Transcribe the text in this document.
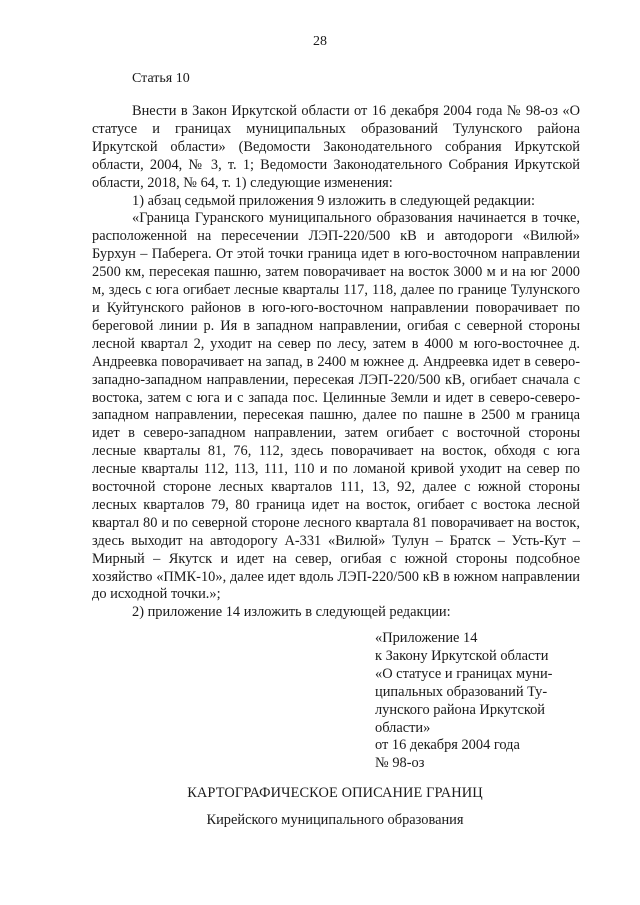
28
Статья 10

Внести в Закон Иркутской области от 16 декабря 2004 года № 98-оз «О статусе и границах муниципальных образований Тулунского района Иркутской области» (Ведомости Законодательного собрания Иркутской области, 2004, № 3, т. 1; Ведомости Законодательного Собрания Иркутской области, 2018, № 64, т. 1) следующие изменения:

1) абзац седьмой приложения 9 изложить в следующей редакции:

«Граница Гуранского муниципального образования начинается в точке, расположенной на пересечении ЛЭП-220/500 кВ и автодороги «Вилюй» Бурхун – Паберега. От этой точки граница идет в юго-восточном направлении 2500 км, пересекая пашню, затем поворачивает на восток 3000 м и на юг 2000 м, здесь с юга огибает лесные кварталы 117, 118, далее по границе Тулунского и Куйтунского районов в юго-юго-восточном направлении поворачивает по береговой линии р. Ия в западном направлении, огибая с северной стороны лесной квартал 2, уходит на север по лесу, затем в 4000 м юго-восточнее д. Андреевка поворачивает на запад, в 2400 м южнее д. Андреевка идет в северо-западно-западном направлении, пересекая ЛЭП-220/500 кВ, огибает сначала с востока, затем с юга и с запада пос. Целинные Земли и идет в северо-северо-западном направлении, пересекая пашню, далее по пашне в 2500 м граница идет в северо-западном направлении, затем огибает с восточной стороны лесные кварталы 81, 76, 112, здесь поворачивает на восток, обходя с юга лесные кварталы 112, 113, 111, 110 и по ломаной кривой уходит на север по восточной стороне лесных кварталов 111, 13, 92, далее с южной стороны лесных кварталов 79, 80 граница идет на восток, огибает с востока лесной квартал 80 и по северной стороне лесного квартала 81 поворачивает на восток, здесь выходит на автодорогу А-331 «Вилюй» Тулун – Братск – Усть-Кут – Мирный – Якутск и идет на север, огибая с южной стороны подсобное хозяйство «ПМК-10», далее идет вдоль ЛЭП-220/500 кВ в южном направлении до исходной точки.»;

2) приложение 14 изложить в следующей редакции:

«Приложение 14
к Закону Иркутской области
«О статусе и границах муни-
ципальных образований Ту-
лунского района Иркутской
области»
от 16 декабря 2004 года
№ 98-оз
КАРТОГРАФИЧЕСКОЕ ОПИСАНИЕ ГРАНИЦ
Кирейского муниципального образования
